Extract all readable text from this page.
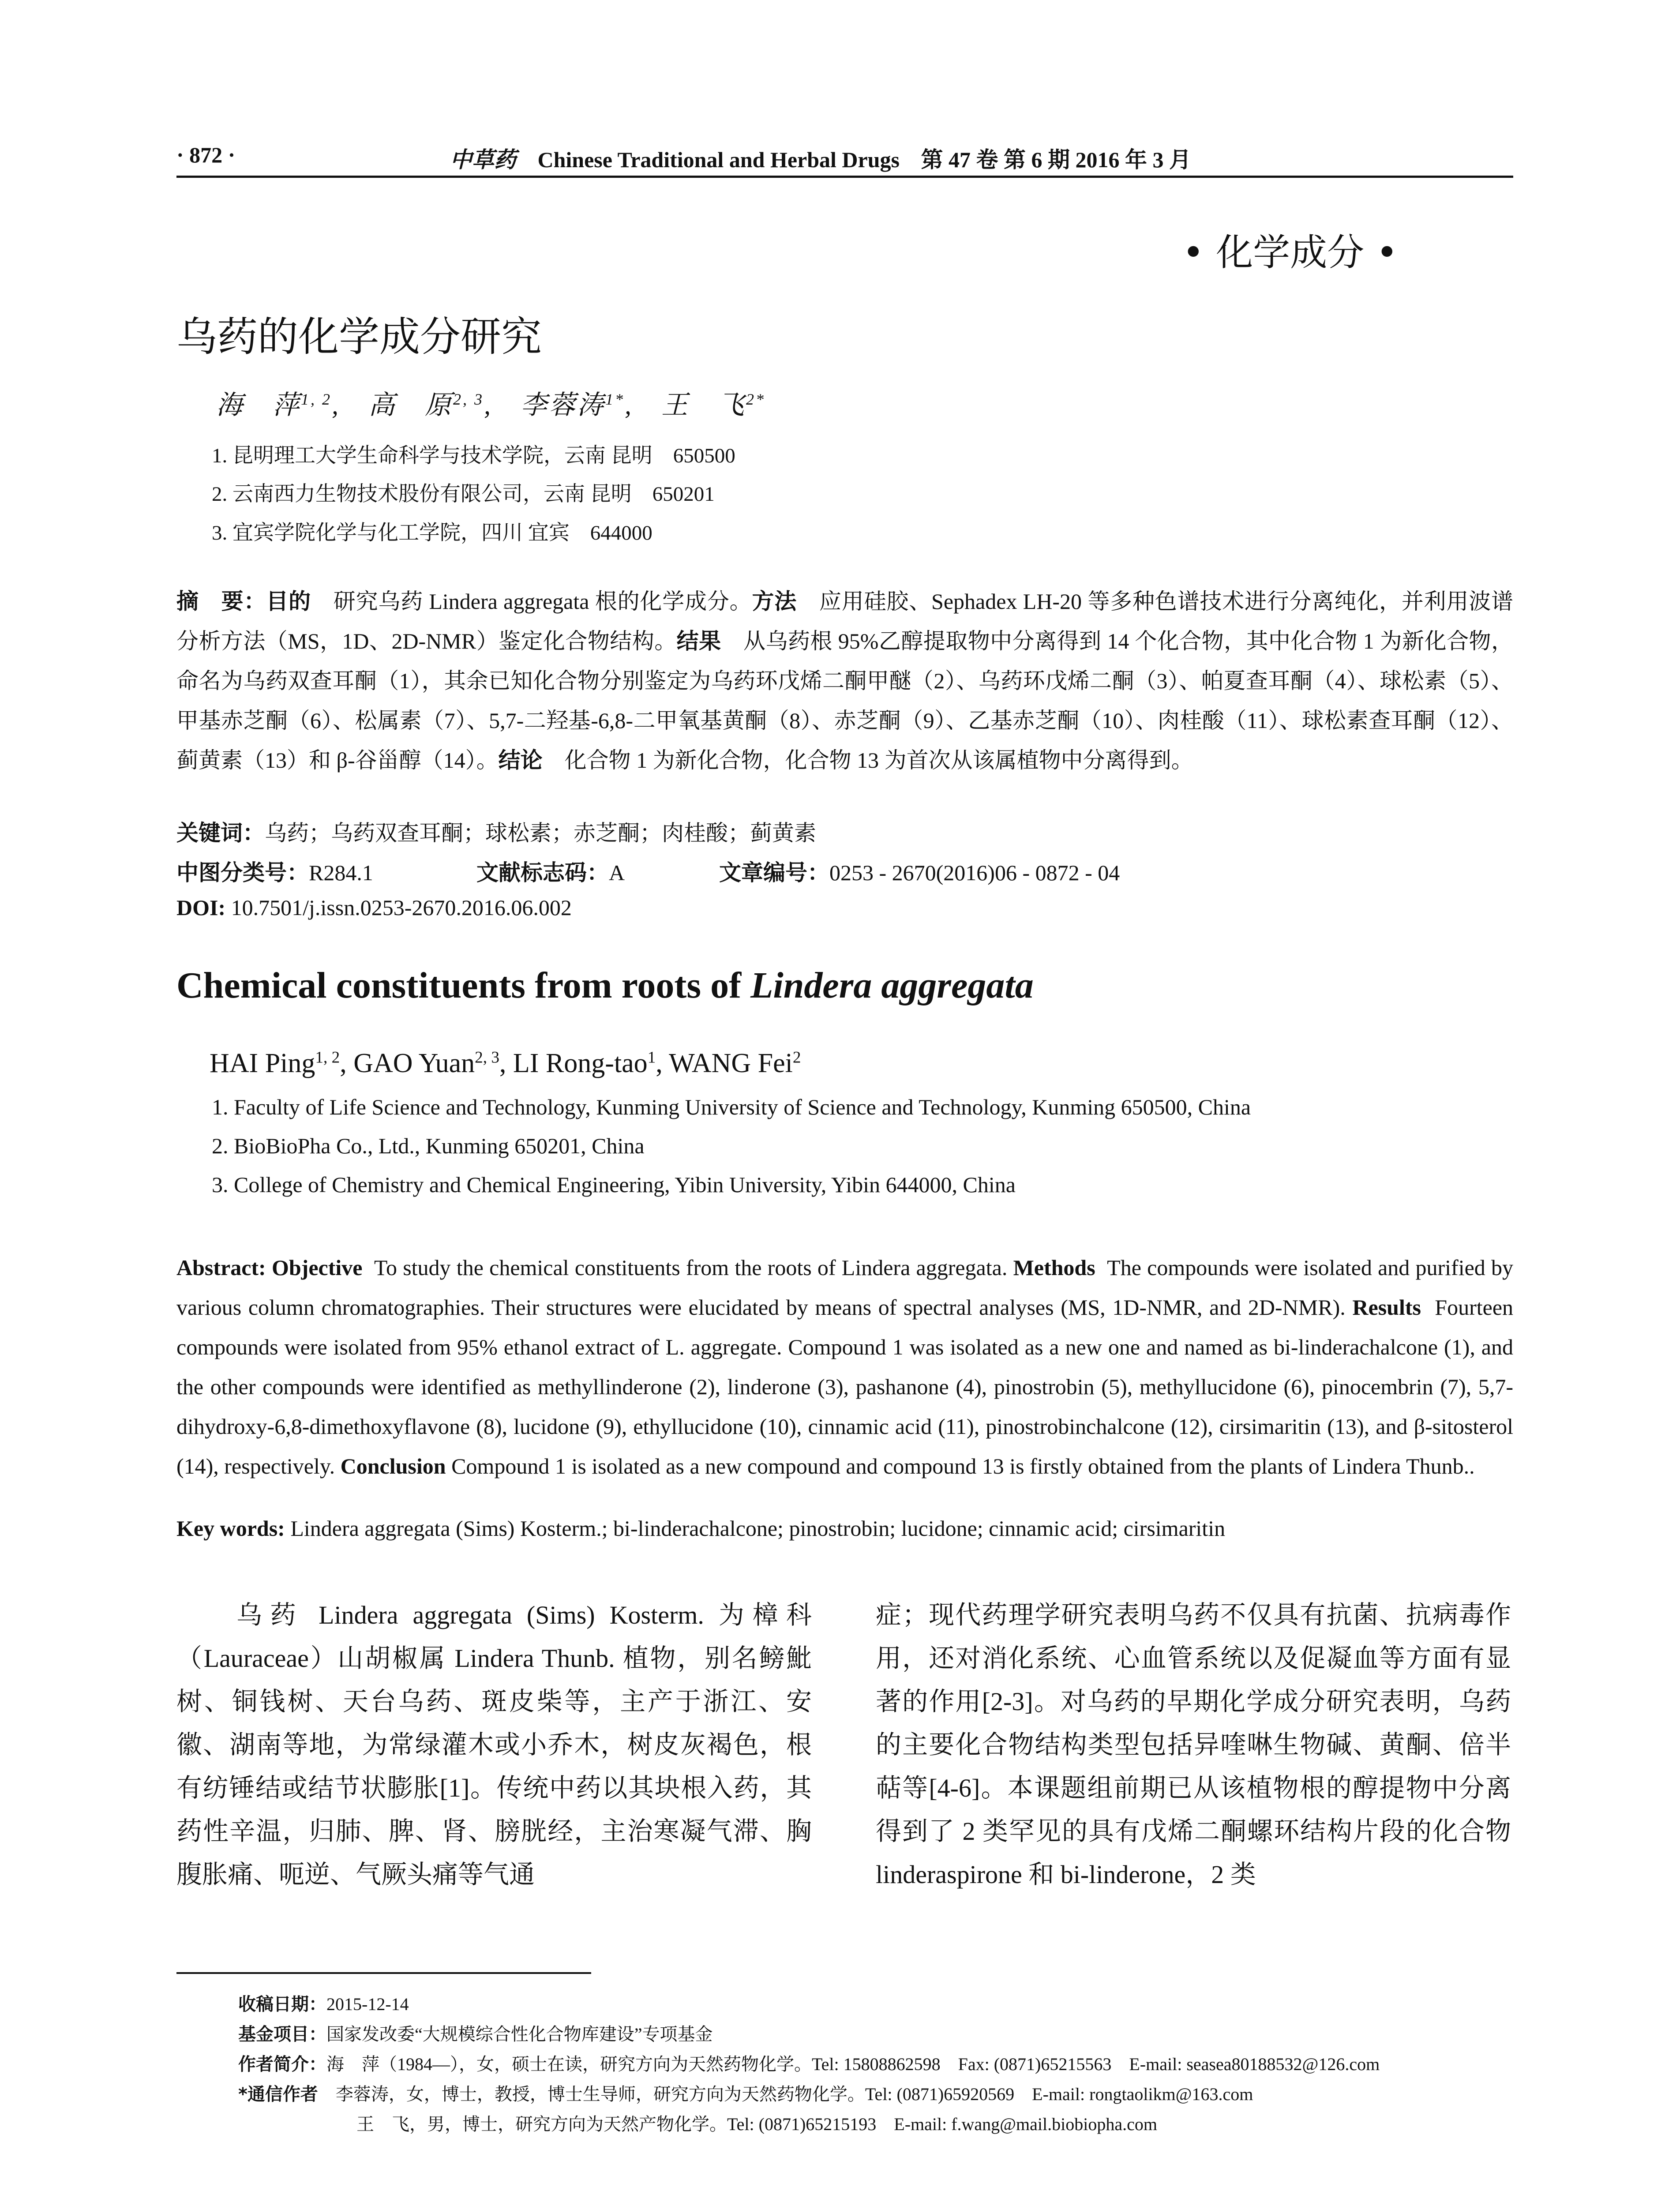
· 872 ·	中草药 Chinese Traditional and Herbal Drugs 第 47 卷 第 6 期 2016 年 3 月
• 化学成分 •
乌药的化学成分研究
海　萍$^{1, 2}$,　高　原$^{2, 3}$,　李蓉涛$^{1*}$,　王　飞$^{2*}$
1. 昆明理工大学生命科学与技术学院，云南 昆明　650500
2. 云南西力生物技术股份有限公司，云南 昆明　650201
3. 宜宾学院化学与化工学院，四川 宜宾　644000
摘　要：目的　 研究乌药 Lindera aggregata 根的化学成分。方法　 应用硅胶、Sephadex LH-20 等多种色谱技术进行分离纯化，并利用波谱分析方法（MS，1D、2D-NMR）鉴定化合物结构。结果　 从乌药根 95%乙醇提取物中分离得到 14 个化合物，其中化合物 1 为新化合物，命名为乌药双查耳酮（1），其余已知化合物分别鉴定为乌药环戊烯二酮甲醚（2）、乌药环戊烯二酮（3）、帕夏查耳酮（4）、球松素（5）、甲基赤芝酮（6）、松属素（7）、5,7-二羟基-6,8-二甲氧基黄酮（8）、赤芝酮（9）、乙基赤芝酮（10）、肉桂酸（11）、球松素查耳酮（12）、蓟黄素（13）和 β-谷甾醇（14）。结论　 化合物 1 为新化合物，化合物 13 为首次从该属植物中分离得到。
关键词：乌药；乌药双查耳酮；球松素；赤芝酮；肉桂酸；蓟黄素
中图分类号：R284.1	文献标志码：A	文章编号：0253 - 2670(2016)06 - 0872 - 04
DOI: 10.7501/j.issn.0253-2670.2016.06.002
Chemical constituents from roots of Lindera aggregata
HAI Ping$^{1, 2}$, GAO Yuan$^{2, 3}$, LI Rong-tao$^1$, WANG Fei$^2$
1. Faculty of Life Science and Technology, Kunming University of Science and Technology, Kunming 650500, China
2. BioBioPha Co., Ltd., Kunming 650201, China
3. College of Chemistry and Chemical Engineering, Yibin University, Yibin 644000, China
Abstract: Objective To study the chemical constituents from the roots of Lindera aggregata. Methods The compounds were isolated and purified by various column chromatographies. Their structures were elucidated by means of spectral analyses (MS, 1D-NMR, and 2D-NMR). Results Fourteen compounds were isolated from 95% ethanol extract of L. aggregate. Compound 1 was isolated as a new one and named as bi-linderachalcone (1), and the other compounds were identified as methyllinderone (2), linderone (3), pashanone (4), pinostrobin (5), methyllucidone (6), pinocembrin (7), 5,7-dihydroxy-6,8-dimethoxyflavone (8), lucidone (9), ethyllucidone (10), cinnamic acid (11), pinostrobinchalcone (12), cirsimaritin (13), and β-sitosterol (14), respectively. Conclusion Compound 1 is isolated as a new compound and compound 13 is firstly obtained from the plants of Lindera Thunb..
Key words: Lindera aggregata (Sims) Kosterm.; bi-linderachalcone; pinostrobin; lucidone; cinnamic acid; cirsimaritin
乌药 Lindera aggregata (Sims) Kosterm. 为樟科（Lauraceae）山胡椒属 Lindera Thunb. 植物，别名鳑魮树、铜钱树、天台乌药、斑皮柴等，主产于浙江、安徽、湖南等地，为常绿灌木或小乔木，树皮灰褐色，根有纺锤结或结节状膨胀[1]。传统中药以其块根入药，其药性辛温，归肺、脾、肾、膀胱经，主治寒凝气滞、胸腹胀痛、呃逆、气厥头痛等气通
症；现代药理学研究表明乌药不仅具有抗菌、抗病毒作用，还对消化系统、心血管系统以及促凝血等方面有显著的作用[2-3]。对乌药的早期化学成分研究表明，乌药的主要化合物结构类型包括异喹啉生物碱、黄酮、倍半萜等[4-6]。本课题组前期已从该植物根的醇提物中分离得到了 2 类罕见的具有戊烯二酮螺环结构片段的化合物 linderaspirone 和 bi-linderone，2 类
收稿日期：2015-12-14
基金项目：国家发改委“大规模综合性化合物库建设”专项基金
作者简介：海　萍（1984—），女，硕士在读，研究方向为天然药物化学。Tel: 15808862598　Fax: (0871)65215563　E-mail: seasea80188532@126.com
*通信作者　 李蓉涛，女，博士，教授，博士生导师，研究方向为天然药物化学。Tel: (0871)65920569　E-mail: rongtaolikm@163.com
王　飞，男，博士，研究方向为天然产物化学。Tel: (0871)65215193　E-mail: f.wang@mail.biobiopha.com
